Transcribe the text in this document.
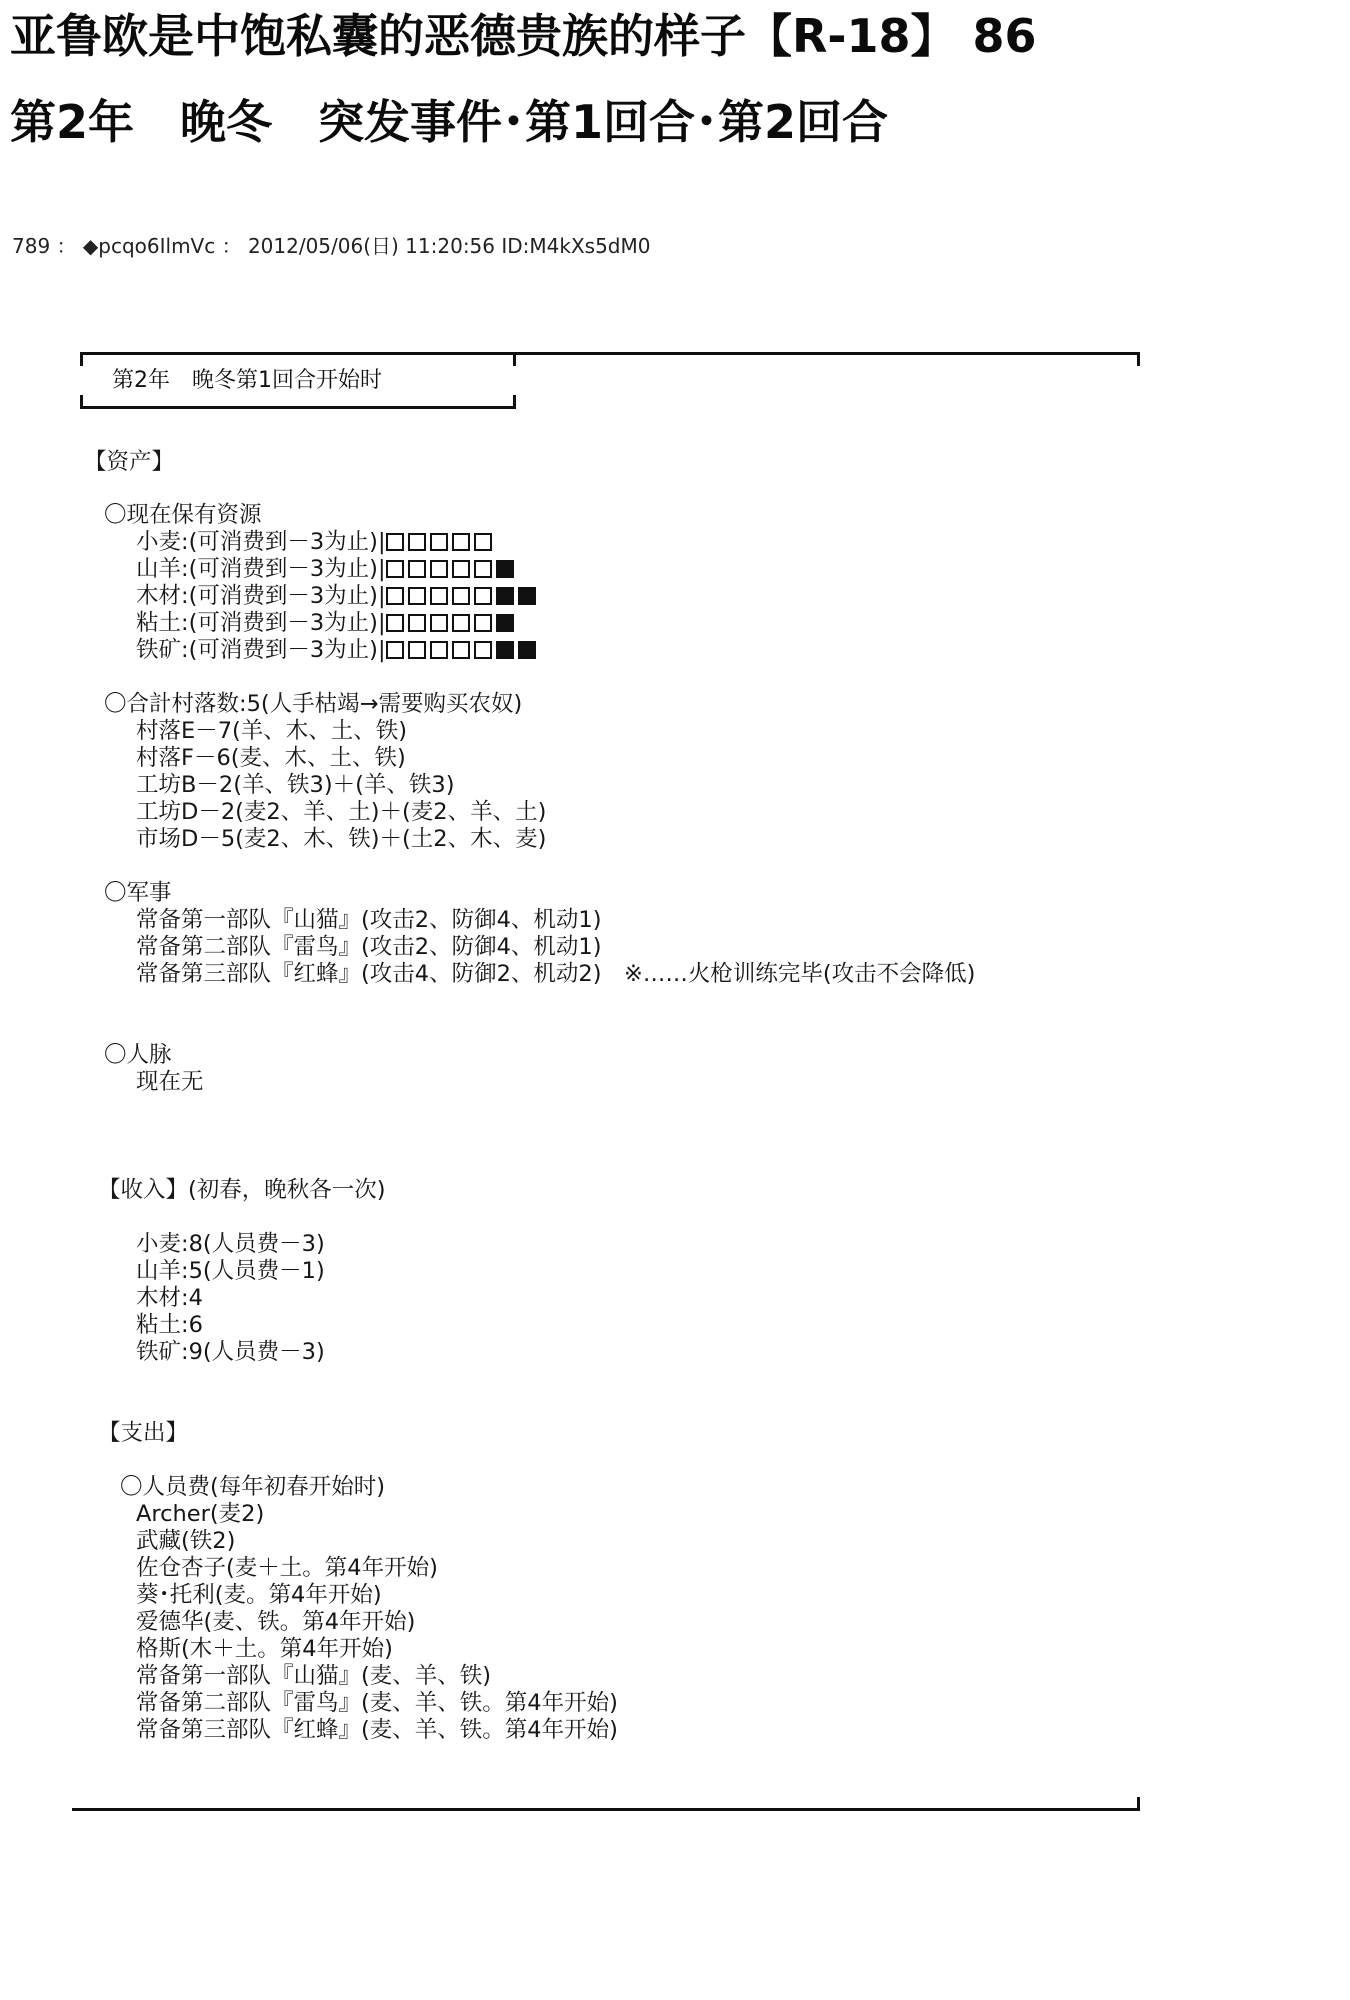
亚鲁欧是中饱私囊的恶德贵族的样子【R-18】 86
第2年　晚冬　突发事件･第1回合･第2回合
789 ： ◆pcqo6IlmVc ： 2012/05/06(日) 11:20:56 ID:M4kXs5dM0
第2年　晚冬第1回合开始时
【资产】
〇现在保有资源
小麦:(可消费到－3为止)|
山羊:(可消费到－3为止)|
木材:(可消费到－3为止)|
粘土:(可消费到－3为止)|
铁矿:(可消费到－3为止)|
〇合計村落数:5(人手枯竭→需要购买农奴)
村落E－7(羊、木、土、铁)
村落F－6(麦、木、土、铁)
工坊B－2(羊、铁3)＋(羊、铁3)
工坊D－2(麦2、羊、土)＋(麦2、羊、土)
市场D－5(麦2、木、铁)＋(土2、木、麦)
〇军事
常备第一部队『山猫』(攻击2、防御4、机动1)
常备第二部队『雷鸟』(攻击2、防御4、机动1)
常备第三部队『红蜂』(攻击4、防御2、机动2)　※……火枪训练完毕(攻击不会降低)
〇人脉
现在无
【收入】(初春，晚秋各一次)
小麦:8(人员费－3)
山羊:5(人员费－1)
木材:4
粘土:6
铁矿:9(人员费－3)
【支出】
〇人员费(每年初春开始时)
Archer(麦2)
武藏(铁2)
佐仓杏子(麦＋土。第4年开始)
葵･托利(麦。第4年开始)
爱德华(麦、铁。第4年开始)
格斯(木＋土。第4年开始)
常备第一部队『山猫』(麦、羊、铁)
常备第二部队『雷鸟』(麦、羊、铁。第4年开始)
常备第三部队『红蜂』(麦、羊、铁。第4年开始)
